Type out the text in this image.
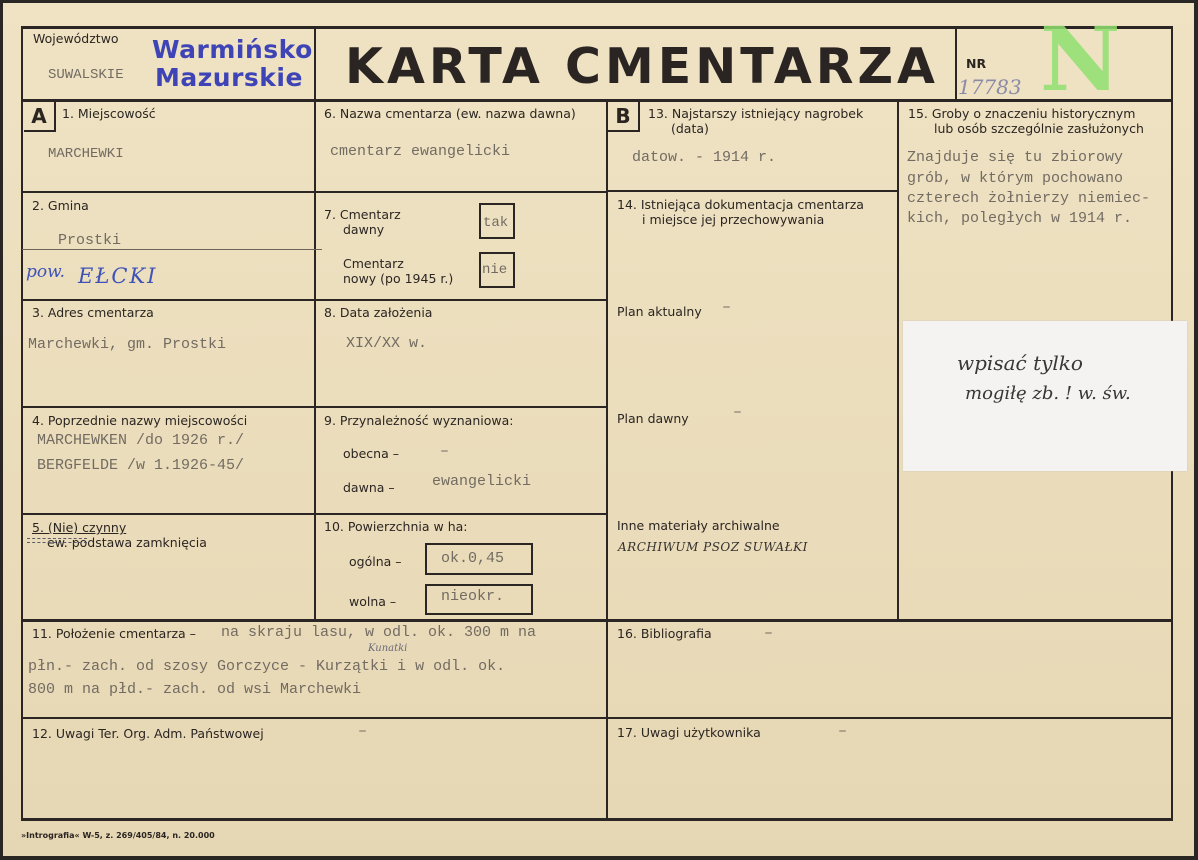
Województwo
SUWALSKIE
Warmińsko
Mazurskie KARTA CMENTARZA NR
17783 N
A	B
1. Miejscowość
MARCHEWKI
2. Gmina
Prostki
pow. EŁCKI
3. Adres cmentarza
Marchewki, gm. Prostki
4. Poprzednie nazwy miejscowości
MARCHEWKEN /do 1926 r./
BERGFELDE /w 1.1926-45/
5. (Nie) czynny
ew. podstawa zamknięcia
6. Nazwa cmentarza (ew. nazwa dawna)
cmentarz ewangelicki
7. Cmentarz
dawny	tak
Cmentarz
nowy (po 1945 r.)
nie
8. Data założenia
XIX/XX w.
9. Przynależność wyznaniowa:
obecna –	–
dawna – ewangelicki
10. Powierzchnia w ha:
ogólna –	ok.0,45
wolna –	nieokr.
11. Położenie cmentarza – na skraju lasu, w odl. ok. 300 m na
Kunatki
płn.- zach. od szosy Gorczyce - Kurzątki i w odl. ok.
800 m na płd.- zach. od wsi Marchewki
12. Uwagi Ter. Org. Adm. Państwowej	–
13. Najstarszy istniejący nagrobek
(data)
datow. - 1914 r.
14. Istniejąca dokumentacja cmentarza
i miejsce jej przechowywania
Plan aktualny –
Plan dawny	–
Inne materiały archiwalne
ARCHIWUM PSOZ SUWAŁKI
15. Groby o znaczeniu historycznym
lub osób szczególnie zasłużonych
Znajduje się tu zbiorowy
grób, w którym pochowano
czterech żołnierzy niemiec-
kich, poległych w 1914 r.
wpisać tylko
mogiłę zb. ! w. św.
16. Bibliografia	–
17. Uwagi użytkownika	–
»Intrografia« W-5, z. 269/405/84, n. 20.000
